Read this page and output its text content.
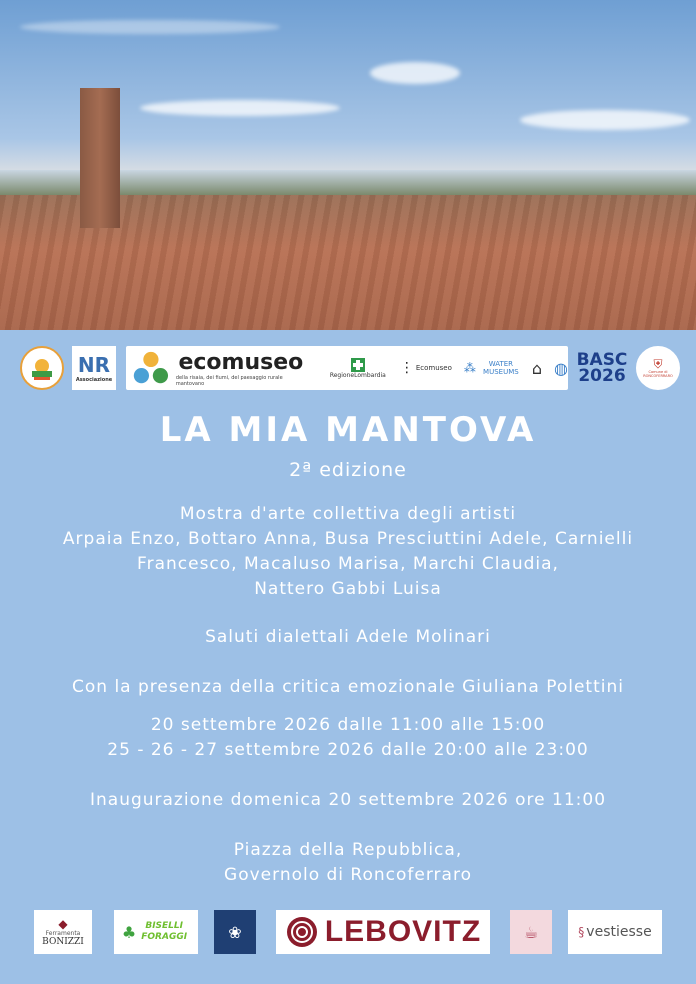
NR
Associazione
ecomuseo
della risaia, dei fiumi, del paesaggio rurale mantovano
RegioneLombardia ⋮ Ecomuseo ⁂	WATER MUSEUMS ⌂ ◍ BASC
2026
⛨
Comune di RONCOFERRARO
LA MIA MANTOVA
2ª edizione
Mostra d'arte collettiva degli artisti
Arpaia Enzo, Bottaro Anna, Busa Presciuttini Adele, Carnielli
Francesco, Macaluso Marisa, Marchi Claudia,
Nattero Gabbi Luisa
Saluti dialettali Adele Molinari
Con la presenza della critica emozionale Giuliana Polettini
20 settembre 2026 dalle 11:00 alle 15:00
25 - 26 - 27 settembre 2026 dalle 20:00 alle 23:00
Inaugurazione domenica 20 settembre 2026 ore 11:00
Piazza della Repubblica,
Governolo di Roncoferraro
◆
Ferramenta
BONIZZI ♣	BISELLI FORAGGI	❀	LEBOVITZ	☕	§ vestiesse
